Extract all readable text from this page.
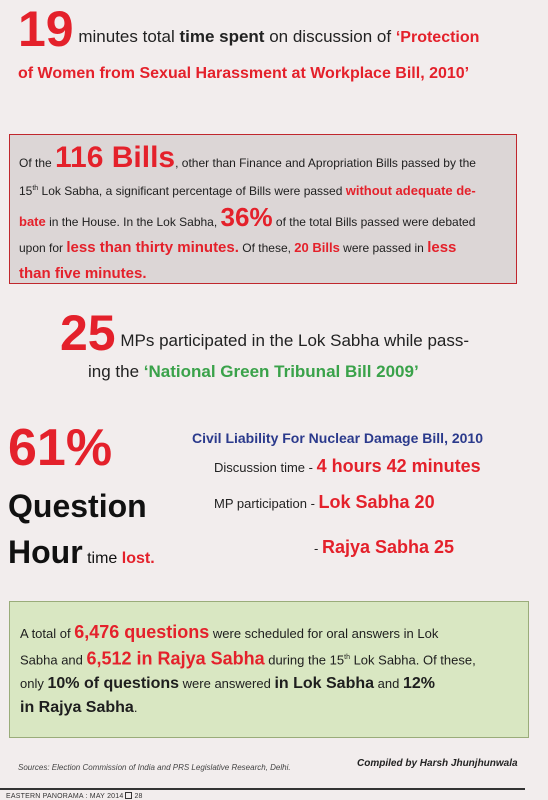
19 minutes total time spent on discussion of ‘Protection
of Women from Sexual Harassment at Workplace Bill, 2010’
Of the 116 Bills, other than Finance and Apropriation Bills passed by the
15th Lok Sabha, a significant percentage of Bills were passed without adequate de-
bate in the House. In the Lok Sabha, 36% of the total Bills passed were debated
upon for less than thirty minutes. Of these, 20 Bills were passed in less
than five minutes.
25 MPs participated in the Lok Sabha while pass-
ing the ‘National Green Tribunal Bill 2009’
61%
Question
Hour time lost.
Civil Liability For Nuclear Damage Bill, 2010
Discussion time - 4 hours 42 minutes
MP participation - Lok Sabha 20
- Rajya Sabha 25
A total of 6,476 questions were scheduled for oral answers in Lok
Sabha and 6,512 in Rajya Sabha during the 15th Lok Sabha. Of these,
only 10% of questions were answered in Lok Sabha and 12%
in Rajya Sabha.
Sources: Election Commission of India and PRS Legislative Research, Delhi.	Compiled by Harsh Jhunjhunwala
EASTERN PANORAMA : MAY 2014 28
